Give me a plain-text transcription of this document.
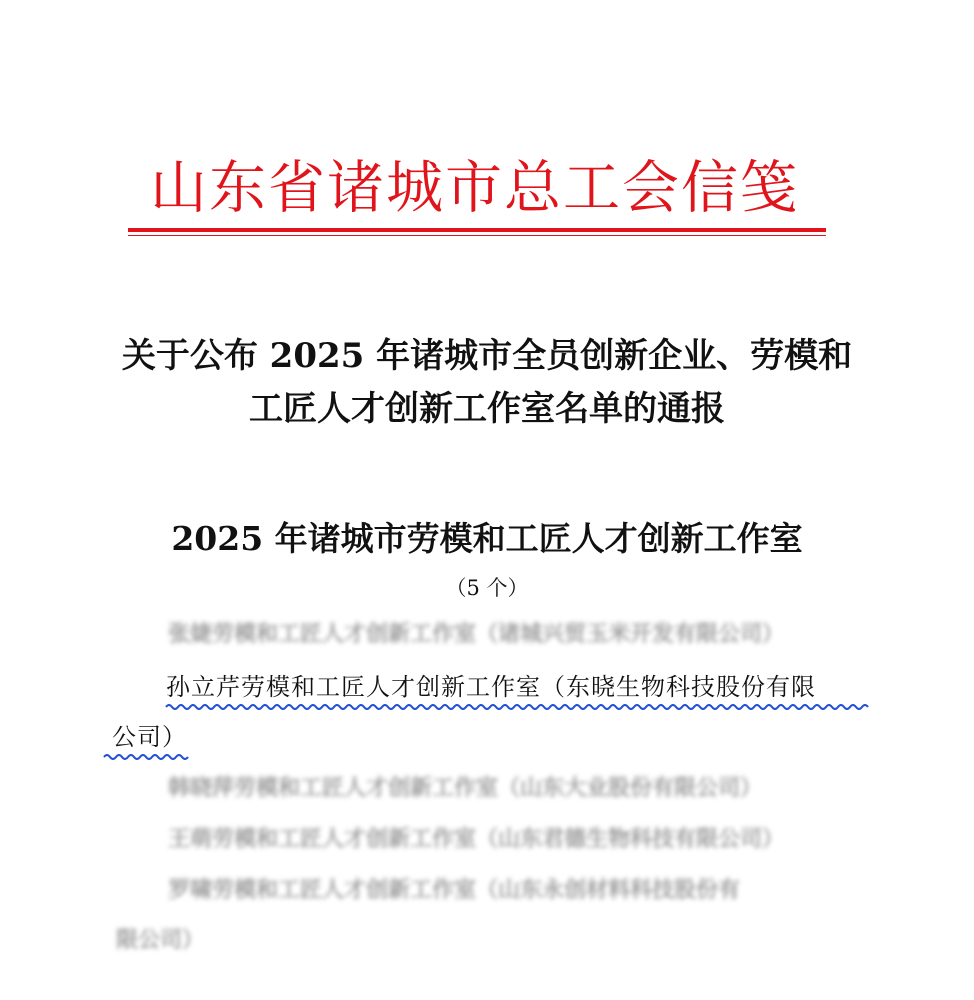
山东省诸城市总工会信笺
关于公布 2025 年诸城市全员创新企业、劳模和
工匠人才创新工作室名单的通报
2025 年诸城市劳模和工匠人才创新工作室
（5 个）
张婕劳模和工匠人才创新工作室（诸城兴贸玉米开发有限公司）
孙立芹劳模和工匠人才创新工作室（东晓生物科技股份有限
公司）
韩晓萍劳模和工匠人才创新工作室（山东大业股份有限公司）
王萌劳模和工匠人才创新工作室（山东君德生物科技有限公司）
罗啸劳模和工匠人才创新工作室（山东永创材料科技股份有
限公司）
